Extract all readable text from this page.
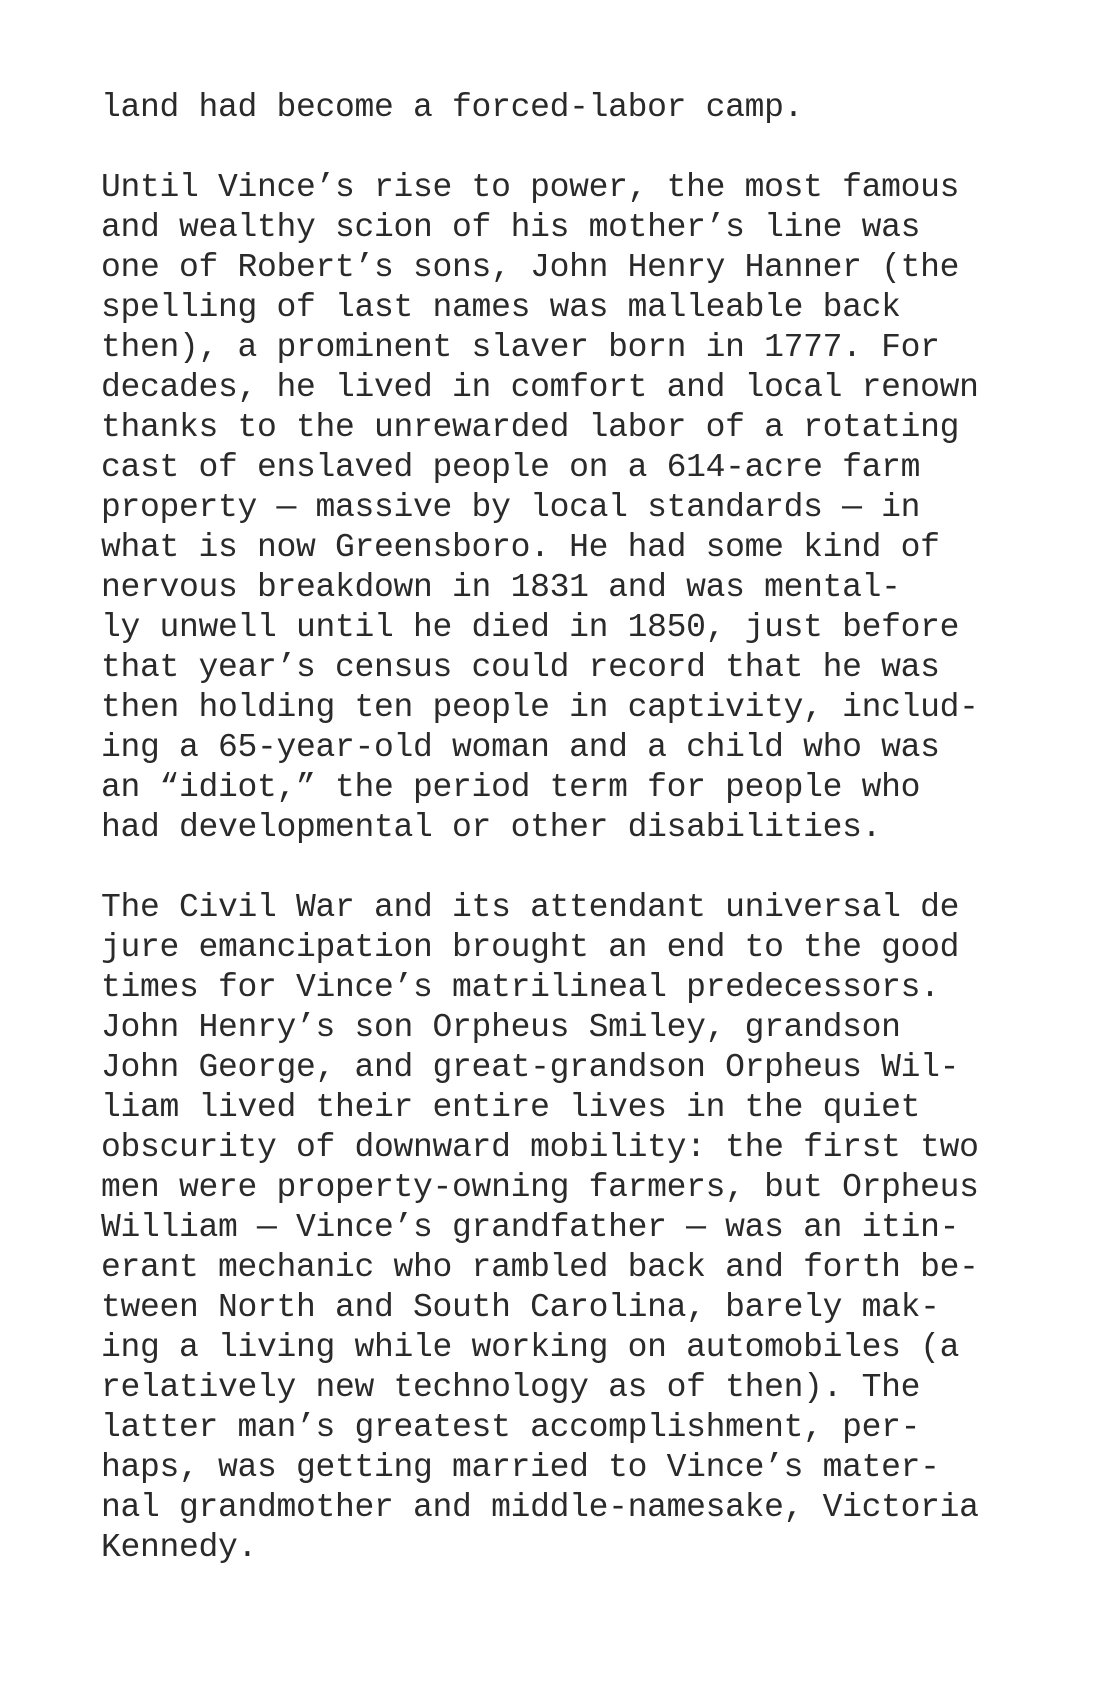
land had become a forced-labor camp.

Until Vince’s rise to power, the most famous
and wealthy scion of his mother’s line was
one of Robert’s sons, John Henry Hanner (the
spelling of last names was malleable back
then), a prominent slaver born in 1777. For
decades, he lived in comfort and local renown
thanks to the unrewarded labor of a rotating
cast of enslaved people on a 614-acre farm
property — massive by local standards — in
what is now Greensboro. He had some kind of
nervous breakdown in 1831 and was mental-
ly unwell until he died in 1850, just before
that year’s census could record that he was
then holding ten people in captivity, includ-
ing a 65-year-old woman and a child who was
an “idiot,” the period term for people who
had developmental or other disabilities.

The Civil War and its attendant universal de
jure emancipation brought an end to the good
times for Vince’s matrilineal predecessors.
John Henry’s son Orpheus Smiley, grandson
John George, and great-grandson Orpheus Wil-
liam lived their entire lives in the quiet
obscurity of downward mobility: the first two
men were property-owning farmers, but Orpheus
William — Vince’s grandfather — was an itin-
erant mechanic who rambled back and forth be-
tween North and South Carolina, barely mak-
ing a living while working on automobiles (a
relatively new technology as of then). The
latter man’s greatest accomplishment, per-
haps, was getting married to Vince’s mater-
nal grandmother and middle-namesake, Victoria
Kennedy.
